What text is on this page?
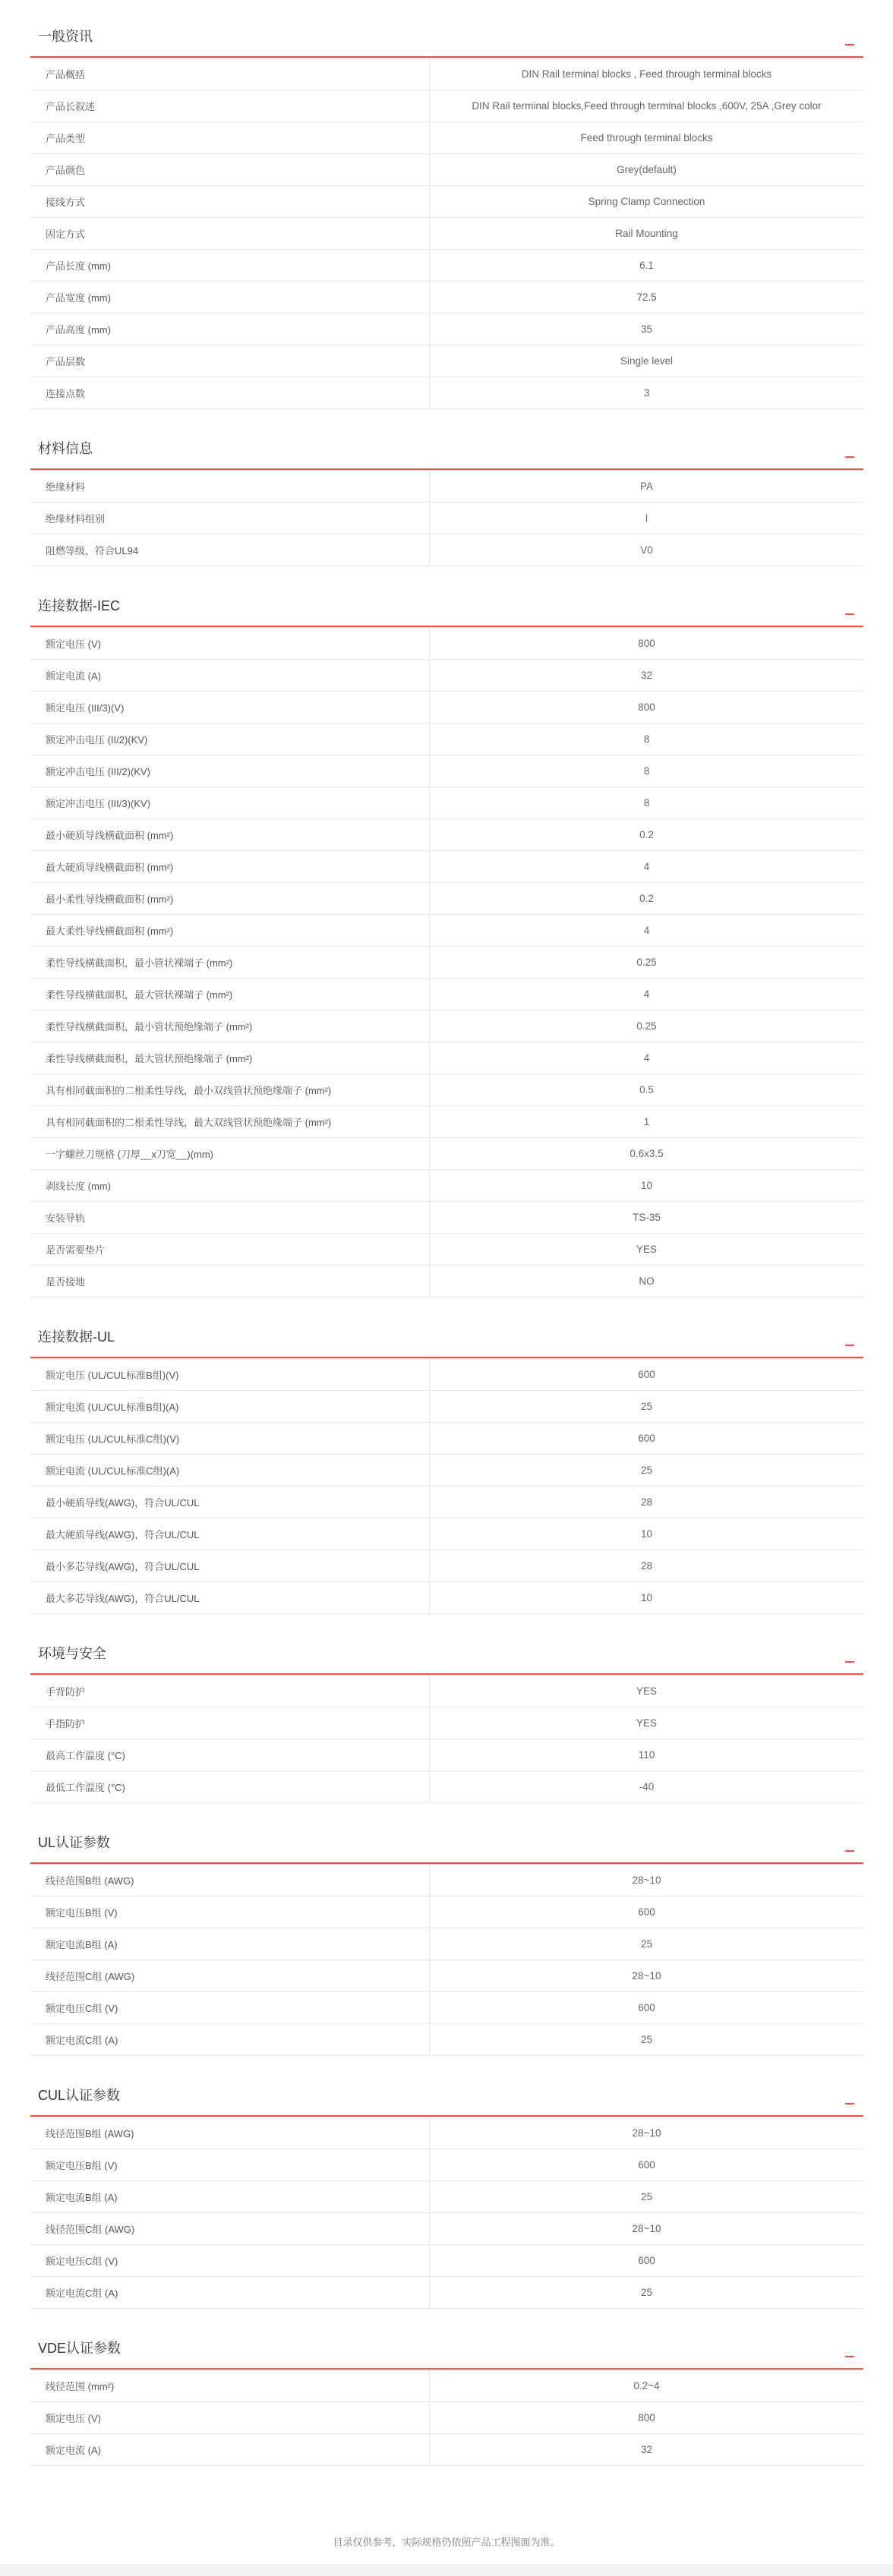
一般资讯
产品概括	DIN Rail terminal blocks , Feed through terminal blocks
产品长叙述	DIN Rail terminal blocks,Feed through terminal blocks ,600V, 25A ,Grey color
产品类型	Feed through terminal blocks
产品颜色	Grey(default)
接线方式	Spring Clamp Connection
固定方式	Rail Mounting
产品长度 (mm)	6.1
产品宽度 (mm)	72.5
产品高度 (mm)	35
产品层数	Single level
连接点数	3
材料信息
绝缘材料	PA
绝缘材料组别	I
阻燃等级，符合UL94	V0
连接数据-IEC
额定电压 (V)	800
额定电流 (A)	32
额定电压 (III/3)(V)	800
额定冲击电压 (II/2)(KV)	8
额定冲击电压 (III/2)(KV)	8
额定冲击电压 (III/3)(KV)	8
最小硬质导线横截面积 (mm²)	0.2
最大硬质导线横截面积 (mm²)	4
最小柔性导线横截面积 (mm²)	0.2
最大柔性导线横截面积 (mm²)	4
柔性导线横截面积，最小管状裸端子 (mm²)	0.25
柔性导线横截面积，最大管状裸端子 (mm²)	4
柔性导线横截面积，最小管状预绝缘端子 (mm²)	0.25
柔性导线横截面积，最大管状预绝缘端子 (mm²)	4
具有相同截面积的二根柔性导线，最小双线管状预绝缘端子 (mm²)	0.5
具有相同截面积的二根柔性导线，最大双线管状预绝缘端子 (mm²)	1
一字螺丝刀规格 (刀厚__x刀宽__)(mm)	0.6x3.5
剥线长度 (mm)	10
安装导轨	TS-35
是否需要垫片	YES
是否接地	NO
连接数据-UL
额定电压 (UL/CUL标准B组)(V)	600
额定电流 (UL/CUL标准B组)(A)	25
额定电压 (UL/CUL标准C组)(V)	600
额定电流 (UL/CUL标准C组)(A)	25
最小硬质导线(AWG)，符合UL/CUL	28
最大硬质导线(AWG)，符合UL/CUL	10
最小多芯导线(AWG)，符合UL/CUL	28
最大多芯导线(AWG)，符合UL/CUL	10
环境与安全
手背防护	YES
手指防护	YES
最高工作温度 (°C)	110
最低工作温度 (°C)	-40
UL认证参数
线径范围B组 (AWG)	28~10
额定电压B组 (V)	600
额定电流B组 (A)	25
线径范围C组 (AWG)	28~10
额定电压C组 (V)	600
额定电流C组 (A)	25
CUL认证参数
线径范围B组 (AWG)	28~10
额定电压B组 (V)	600
额定电流B组 (A)	25
线径范围C组 (AWG)	28~10
额定电压C组 (V)	600
额定电流C组 (A)	25
VDE认证参数
线径范围 (mm²)	0.2~4
额定电压 (V)	800
额定电流 (A)	32
目录仅供参考，实际规格仍依照产品工程图面为准。
